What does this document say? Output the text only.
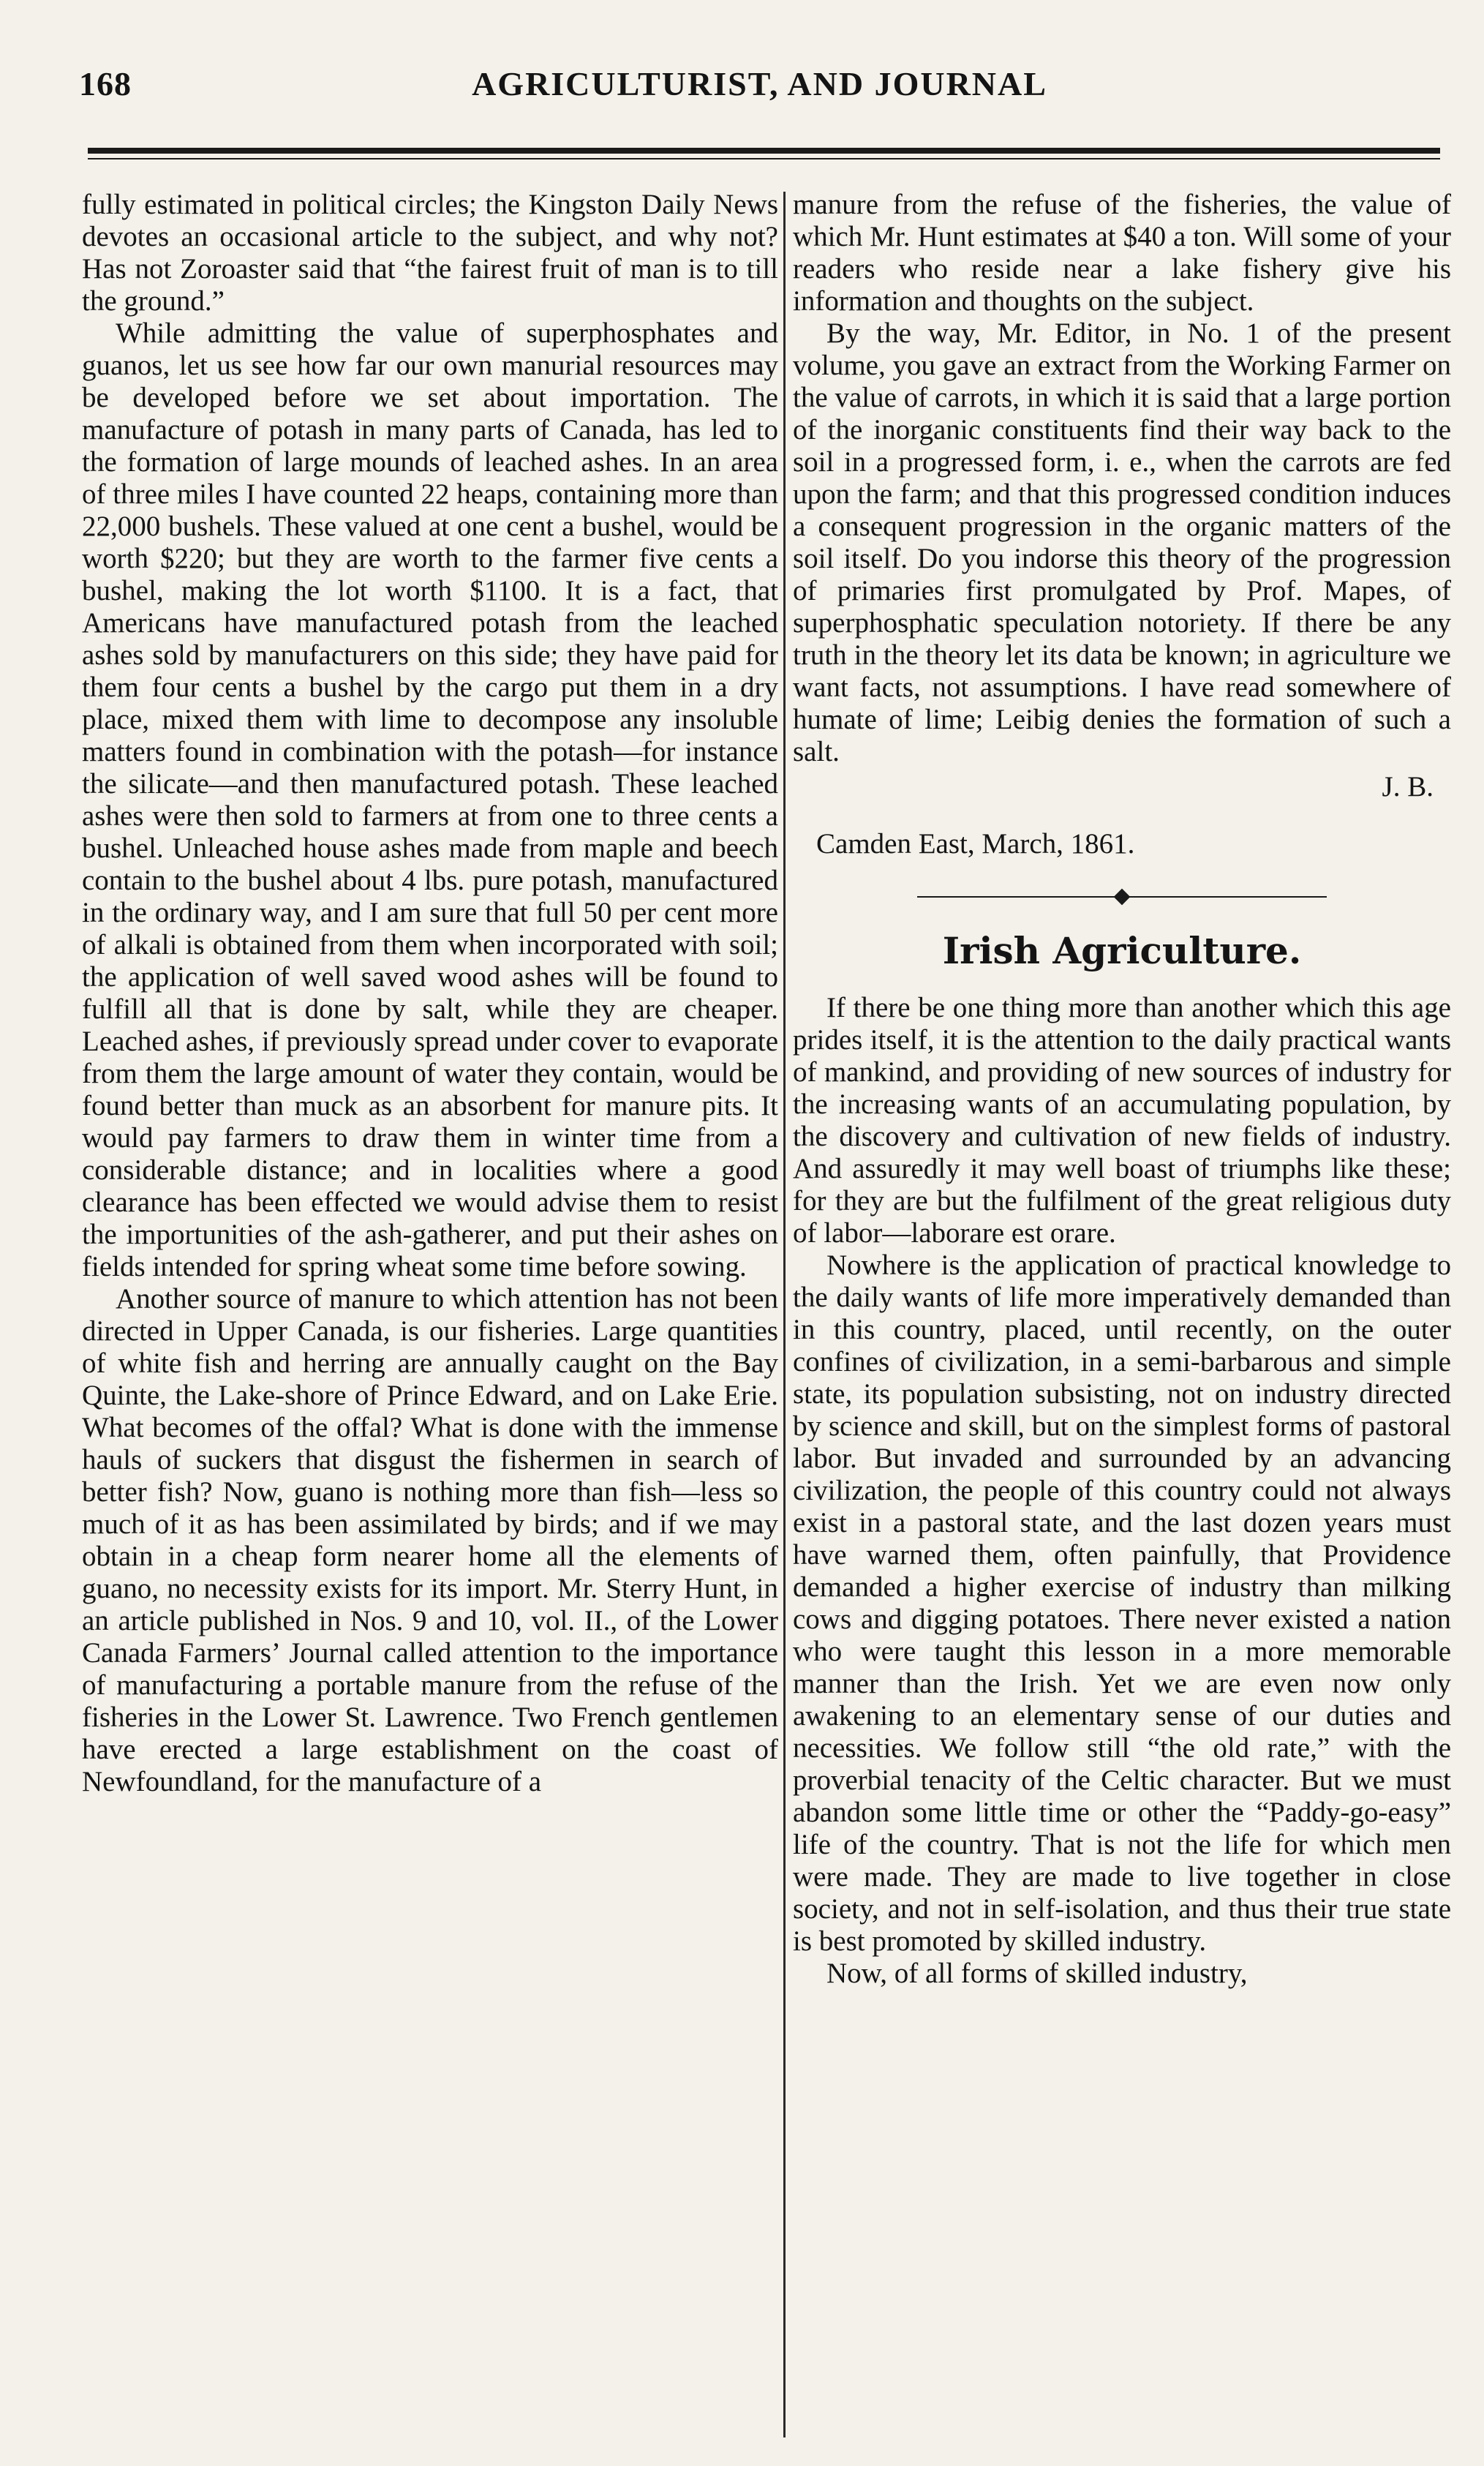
168	AGRICULTURIST, AND JOURNAL

fully estimated in political circles; the Kingston Daily News devotes an occasional article to the subject, and why not? Has not Zoroaster said that “the fairest fruit of man is to till the ground.”

While admitting the value of superphosphates and guanos, let us see how far our own manurial resources may be developed before we set about importation. The manufacture of potash in many parts of Canada, has led to the formation of large mounds of leached ashes. In an area of three miles I have counted 22 heaps, containing more than 22,000 bushels. These valued at one cent a bushel, would be worth $220; but they are worth to the farmer five cents a bushel, making the lot worth $1100. It is a fact, that Americans have manufactured potash from the leached ashes sold by manufacturers on this side; they have paid for them four cents a bushel by the cargo put them in a dry place, mixed them with lime to decompose any insoluble matters found in combination with the potash—for instance the silicate—and then manufactured potash. These leached ashes were then sold to farmers at from one to three cents a bushel. Unleached house ashes made from maple and beech contain to the bushel about 4 lbs. pure potash, manufactured in the ordinary way, and I am sure that full 50 per cent more of alkali is obtained from them when incorporated with soil; the application of well saved wood ashes will be found to fulfill all that is done by salt, while they are cheaper. Leached ashes, if previously spread under cover to evaporate from them the large amount of water they contain, would be found better than muck as an absorbent for manure pits. It would pay farmers to draw them in winter time from a considerable distance; and in localities where a good clearance has been effected we would advise them to resist the importunities of the ash-gatherer, and put their ashes on fields intended for spring wheat some time before sowing.

Another source of manure to which attention has not been directed in Upper Canada, is our fisheries. Large quantities of white fish and herring are annually caught on the Bay Quinte, the Lake-shore of Prince Edward, and on Lake Erie. What becomes of the offal? What is done with the immense hauls of suckers that disgust the fishermen in search of better fish? Now, guano is nothing more than fish—less so much of it as has been assimilated by birds; and if we may obtain in a cheap form nearer home all the elements of guano, no necessity exists for its import. Mr. Sterry Hunt, in an article published in Nos. 9 and 10, vol. II., of the Lower Canada Farmers’ Journal called attention to the importance of manufacturing a portable manure from the refuse of the fisheries in the Lower St. Lawrence. Two French gentlemen have erected a large establishment on the coast of Newfoundland, for the manufacture of a

manure from the refuse of the fisheries, the value of which Mr. Hunt estimates at $40 a ton. Will some of your readers who reside near a lake fishery give his information and thoughts on the subject.

By the way, Mr. Editor, in No. 1 of the present volume, you gave an extract from the Working Farmer on the value of carrots, in which it is said that a large portion of the inorganic constituents find their way back to the soil in a progressed form, i. e., when the carrots are fed upon the farm; and that this progressed condition induces a consequent progression in the organic matters of the soil itself. Do you indorse this theory of the progression of primaries first promulgated by Prof. Mapes, of superphosphatic speculation notoriety. If there be any truth in the theory let its data be known; in agriculture we want facts, not assumptions. I have read somewhere of humate of lime; Leibig denies the formation of such a salt.

J. B.

Camden East, March, 1861.

Irish Agriculture.

If there be one thing more than another which this age prides itself, it is the attention to the daily practical wants of mankind, and providing of new sources of industry for the increasing wants of an accumulating population, by the discovery and cultivation of new fields of industry. And assuredly it may well boast of triumphs like these; for they are but the fulfilment of the great religious duty of labor—laborare est orare.

Nowhere is the application of practical knowledge to the daily wants of life more imperatively demanded than in this country, placed, until recently, on the outer confines of civilization, in a semi-barbarous and simple state, its population subsisting, not on industry directed by science and skill, but on the simplest forms of pastoral labor. But invaded and surrounded by an advancing civilization, the people of this country could not always exist in a pastoral state, and the last dozen years must have warned them, often painfully, that Providence demanded a higher exercise of industry than milking cows and digging potatoes. There never existed a nation who were taught this lesson in a more memorable manner than the Irish. Yet we are even now only awakening to an elementary sense of our duties and necessities. We follow still “the old rate,” with the proverbial tenacity of the Celtic character. But we must abandon some little time or other the “Paddy-go-easy” life of the country. That is not the life for which men were made. They are made to live together in close society, and not in self-isolation, and thus their true state is best promoted by skilled industry.

Now, of all forms of skilled industry,
